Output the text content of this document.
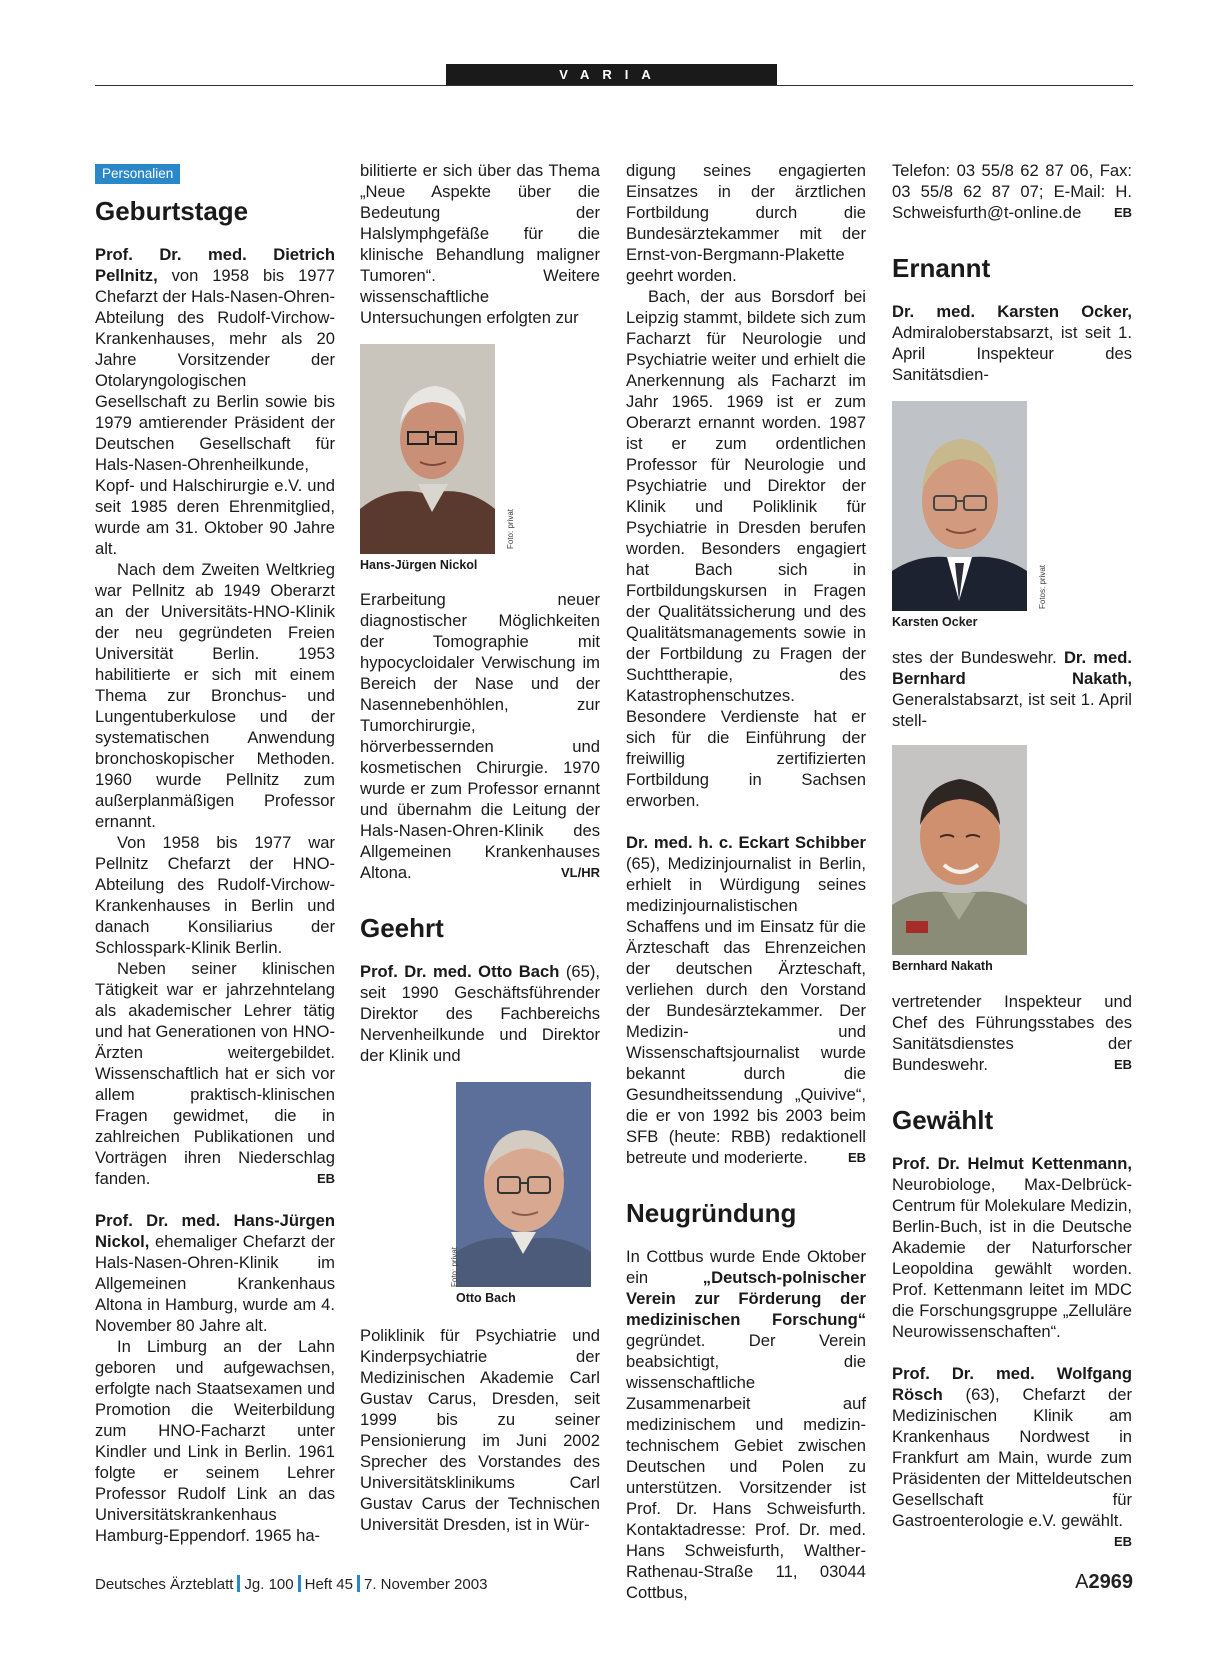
VARIA
Personalien
Geburtstage

Prof. Dr. med. Dietrich Pellnitz, von 1958 bis 1977 Chefarzt der Hals-Nasen-Ohren-Abteilung des Rudolf-Virchow-Krankenhauses, mehr als 20 Jahre Vorsitzender der Otolaryngologischen Gesellschaft zu Berlin sowie bis 1979 amtierender Präsident der Deutschen Gesellschaft für Hals-Nasen-Ohrenheilkunde, Kopf- und Halschirurgie e.V. und seit 1985 deren Ehrenmitglied, wurde am 31. Oktober 90 Jahre alt.

Nach dem Zweiten Weltkrieg war Pellnitz ab 1949 Oberarzt an der Universitäts-HNO-Klinik der neu gegründeten Freien Universität Berlin. 1953 habilitierte er sich mit einem Thema zur Bronchus- und Lungentuberkulose und der systematischen Anwendung bronchoskopischer Methoden. 1960 wurde Pellnitz zum außerplanmäßigen Professor ernannt.

Von 1958 bis 1977 war Pellnitz Chefarzt der HNO-Abteilung des Rudolf-Virchow-Krankenhauses in Berlin und danach Konsiliarius der Schlosspark-Klinik Berlin.

Neben seiner klinischen Tätigkeit war er jahrzehntelang als akademischer Lehrer tätig und hat Generationen von HNO-Ärzten weitergebildet. Wissenschaftlich hat er sich vor allem praktisch-klinischen Fragen gewidmet, die in zahlreichen Publikationen und Vorträgen ihren Niederschlag fanden.	EB

Prof. Dr. med. Hans-Jürgen Nickol, ehemaliger Chefarzt der Hals-Nasen-Ohren-Klinik im Allgemeinen Krankenhaus Altona in Hamburg, wurde am 4. November 80 Jahre alt.

In Limburg an der Lahn geboren und aufgewachsen, erfolgte nach Staatsexamen und Promotion die Weiterbildung zum HNO-Facharzt unter Kindler und Link in Berlin. 1961 folgte er seinem Lehrer Professor Rudolf Link an das Universitätskrankenhaus Hamburg-Eppendorf. 1965 ha-

bilitierte er sich über das Thema „Neue Aspekte über die Bedeutung der Halslymphgefäße für die klinische Behandlung maligner Tumoren“. Weitere wissenschaftliche Untersuchungen erfolgten zur

Foto: privat
Hans-Jürgen Nickol

Erarbeitung neuer diagnostischer Möglichkeiten der Tomographie mit hypocycloidaler Verwischung im Bereich der Nase und der Nasennebenhöhlen, zur Tumorchirurgie, hörverbessernden und kosmetischen Chirurgie. 1970 wurde er zum Professor ernannt und übernahm die Leitung der Hals-Nasen-Ohren-Klinik des Allgemeinen Krankenhauses Altona.	VL/HR

Geehrt

Prof. Dr. med. Otto Bach (65), seit 1990 Geschäftsführender Direktor des Fachbereichs Nervenheilkunde und Direktor der Klinik und

Foto: privat
Otto Bach

Poliklinik für Psychiatrie und Kinderpsychiatrie der Medizinischen Akademie Carl Gustav Carus, Dresden, seit 1999 bis zu seiner Pensionierung im Juni 2002 Sprecher des Vorstandes des Universitätsklinikums Carl Gustav Carus der Technischen Universität Dresden, ist in Wür-

digung seines engagierten Einsatzes in der ärztlichen Fortbildung durch die Bundesärztekammer mit der Ernst-von-Bergmann-Plakette geehrt worden.

Bach, der aus Borsdorf bei Leipzig stammt, bildete sich zum Facharzt für Neurologie und Psychiatrie weiter und erhielt die Anerkennung als Facharzt im Jahr 1965. 1969 ist er zum Oberarzt ernannt worden. 1987 ist er zum ordentlichen Professor für Neurologie und Psychiatrie und Direktor der Klinik und Poliklinik für Psychiatrie in Dresden berufen worden. Besonders engagiert hat Bach sich in Fortbildungskursen in Fragen der Qualitätssicherung und des Qualitätsmanagements sowie in der Fortbildung zu Fragen der Suchttherapie, des Katastrophenschutzes. Besondere Verdienste hat er sich für die Einführung der freiwillig zertifizierten Fortbildung in Sachsen erworben.

Dr. med. h. c. Eckart Schibber (65), Medizinjournalist in Berlin, erhielt in Würdigung seines medizinjournalistischen Schaffens und im Einsatz für die Ärzteschaft das Ehrenzeichen der deutschen Ärzteschaft, verliehen durch den Vorstand der Bundesärztekammer. Der Medizin- und Wissenschaftsjournalist wurde bekannt durch die Gesundheitssendung „Quivive“, die er von 1992 bis 2003 beim SFB (heute: RBB) redaktionell betreute und moderierte.	EB

Neugründung

In Cottbus wurde Ende Oktober ein „Deutsch-polnischer Verein zur Förderung der medizinischen Forschung“ gegründet. Der Verein beabsichtigt, die wissenschaftliche Zusammenarbeit auf medizinischem und medizin-technischem Gebiet zwischen Deutschen und Polen zu unterstützen. Vorsitzender ist Prof. Dr. Hans Schweisfurth. Kontaktadresse: Prof. Dr. med. Hans Schweisfurth, Walther-Rathenau-Straße 11, 03044 Cottbus,

Telefon: 03 55/8 62 87 06, Fax: 03 55/8 62 87 07; E-Mail: H. Schweisfurth@t-online.de	EB

Ernannt

Dr. med. Karsten Ocker, Admiraloberstabsarzt, ist seit 1. April Inspekteur des Sanitätsdien-

Fotos: privat
Karsten Ocker

stes der Bundeswehr. Dr. med. Bernhard Nakath, Generalstabsarzt, ist seit 1. April stell-

Bernhard Nakath

vertretender Inspekteur und Chef des Führungsstabes des Sanitätsdienstes der Bundeswehr.	EB

Gewählt

Prof. Dr. Helmut Kettenmann, Neurobiologe, Max-Delbrück-Centrum für Molekulare Medizin, Berlin-Buch, ist in die Deutsche Akademie der Naturforscher Leopoldina gewählt worden. Prof. Kettenmann leitet im MDC die Forschungsgruppe „Zelluläre Neurowissenschaften“.

Prof. Dr. med. Wolfgang Rösch (63), Chefarzt der Medizinischen Klinik am Krankenhaus Nordwest in Frankfurt am Main, wurde zum Präsidenten der Mitteldeutschen Gesellschaft für Gastroenterologie e.V. gewählt.
EB

Deutsches Ärzteblatt Jg. 100 Heft 45 7. November 2003	A2969
